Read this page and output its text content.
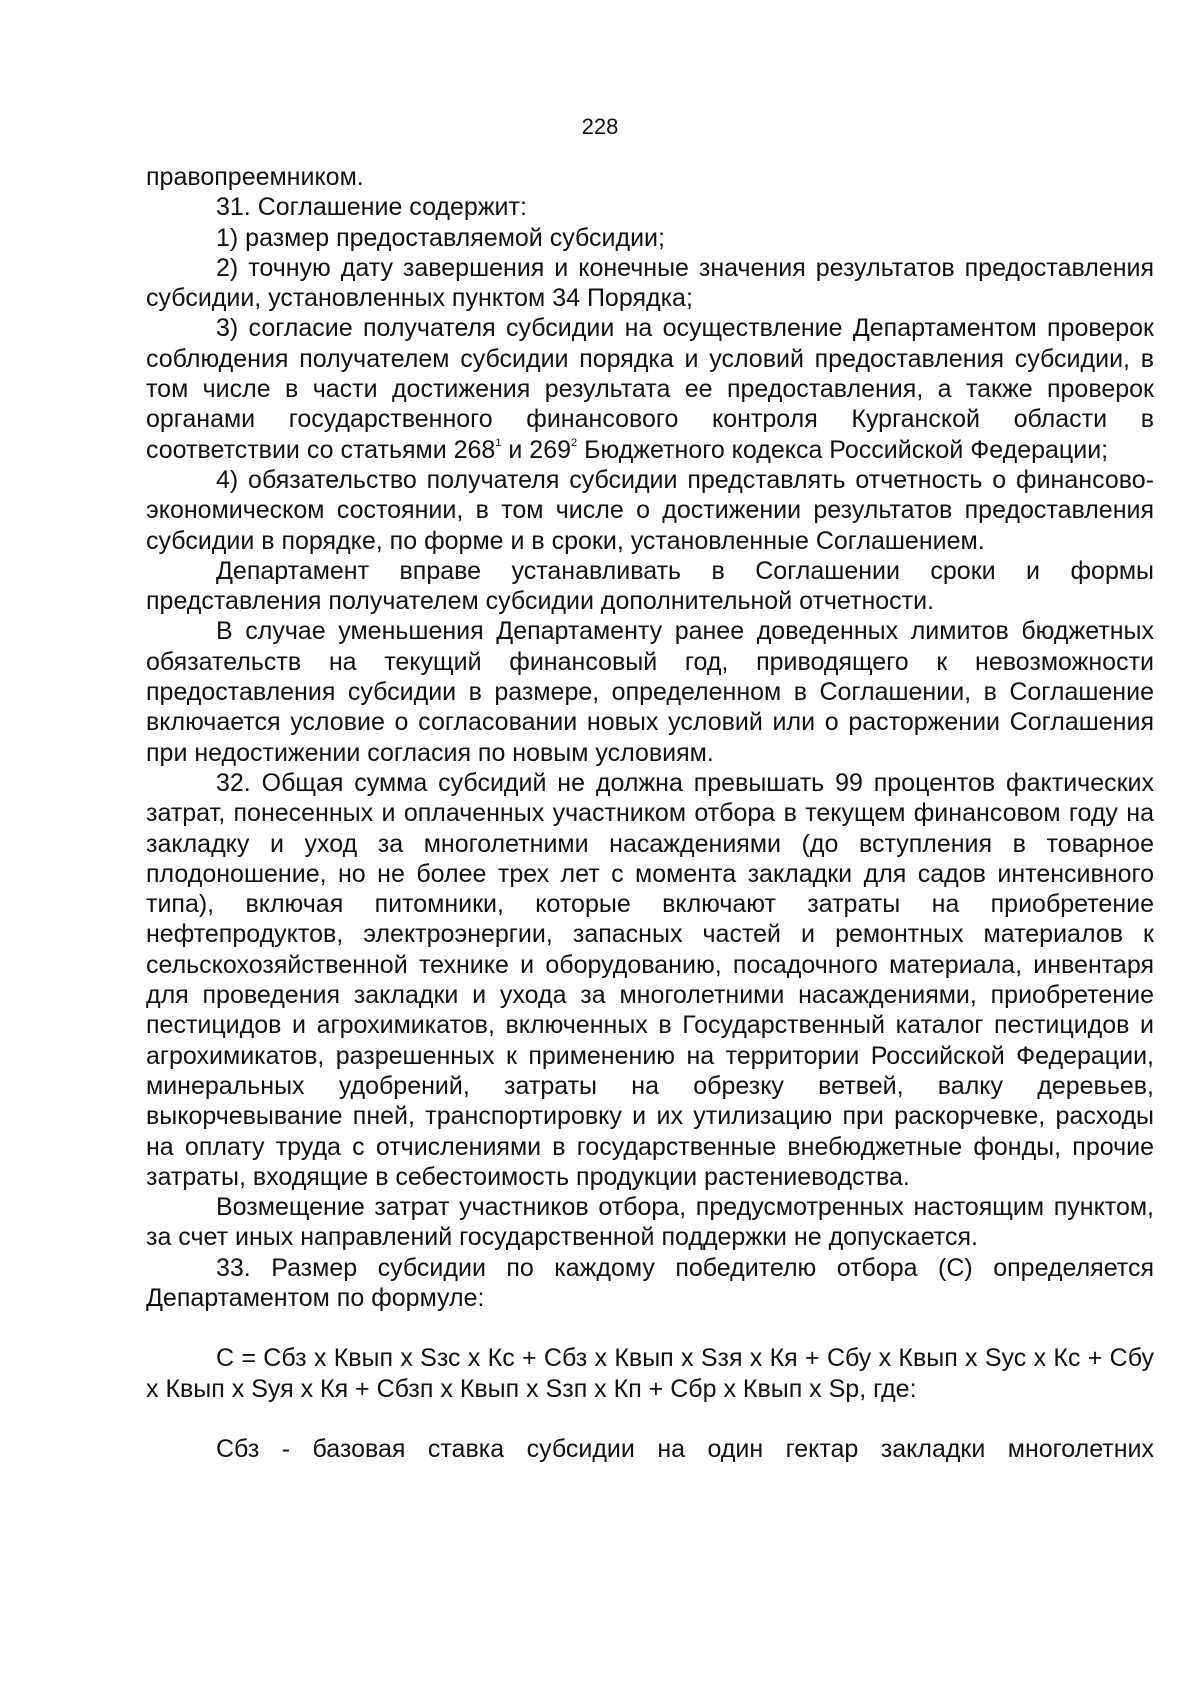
228

правопреемником.

31. Соглашение содержит:

1) размер предоставляемой субсидии;

2) точную дату завершения и конечные значения результатов предоставления субсидии, установленных пунктом 34 Порядка;

3) согласие получателя субсидии на осуществление Департаментом проверок соблюдения получателем субсидии порядка и условий предоставления субсидии, в том числе в части достижения результата ее предоставления, а также проверок органами государственного финансового контроля Курганской области в соответствии со статьями $268^1$ и $269^2$ Бюджетного кодекса Российской Федерации;

4) обязательство получателя субсидии представлять отчетность о финансово-экономическом состоянии, в том числе о достижении результатов предоставления субсидии в порядке, по форме и в сроки, установленные Соглашением.

Департамент вправе устанавливать в Соглашении сроки и формы представления получателем субсидии дополнительной отчетности.

В случае уменьшения Департаменту ранее доведенных лимитов бюджетных обязательств на текущий финансовый год, приводящего к невозможности предоставления субсидии в размере, определенном в Соглашении, в Соглашение включается условие о согласовании новых условий или о расторжении Соглашения при недостижении согласия по новым условиям.

32. Общая сумма субсидий не должна превышать 99 процентов фактических затрат, понесенных и оплаченных участником отбора в текущем финансовом году на закладку и уход за многолетними насаждениями (до вступления в товарное плодоношение, но не более трех лет с момента закладки для садов интенсивного типа), включая питомники, которые включают затраты на приобретение нефтепродуктов, электроэнергии, запасных частей и ремонтных материалов к сельскохозяйственной технике и оборудованию, посадочного материала, инвентаря для проведения закладки и ухода за многолетними насаждениями, приобретение пестицидов и агрохимикатов, включенных в Государственный каталог пестицидов и агрохимикатов, разрешенных к применению на территории Российской Федерации, минеральных удобрений, затраты на обрезку ветвей, валку деревьев, выкорчевывание пней, транспортировку и их утилизацию при раскорчевке, расходы на оплату труда с отчислениями в государственные внебюджетные фонды, прочие затраты, входящие в себестоимость продукции растениеводства.

Возмещение затрат участников отбора, предусмотренных настоящим пунктом, за счет иных направлений государственной поддержки не допускается.

33. Размер субсидии по каждому победителю отбора (С) определяется Департаментом по формуле:

С = Сбз х Квып х Sзс х Кс + Сбз х Квып х Sзя х Кя + Сбу х Квып х Sус х Кс + Сбу х Квып х Sуя х Кя + Сбзп х Квып х Sзп х Кп + Сбр х Квып х Sр, где:

Сбз - базовая ставка субсидии на один гектар закладки многолетних
